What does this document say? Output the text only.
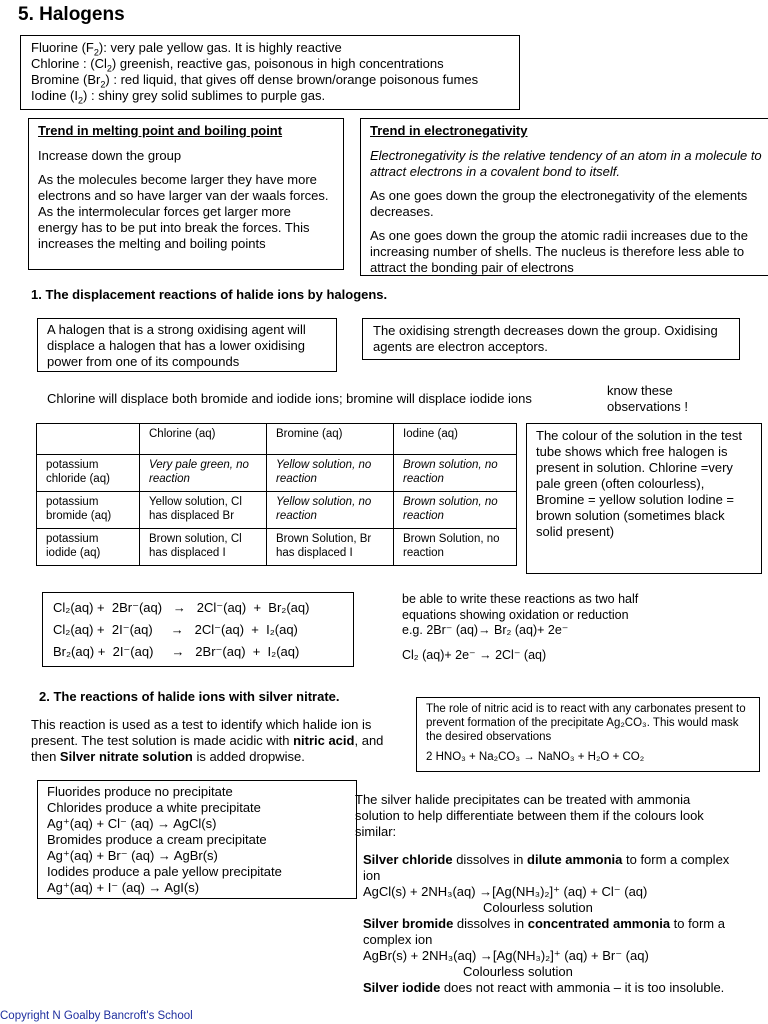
5. Halogens
Fluorine $(F_2)$: very pale yellow gas. It is highly reactive
Chlorine : $(Cl_2)$ greenish, reactive gas, poisonous in high concentrations
Bromine $(Br_2)$ : red liquid, that gives off dense brown/orange poisonous fumes
Iodine $(I_2)$ : shiny grey solid sublimes to purple gas.

Trend in melting point and boiling point

Increase down the group

As the molecules become larger they have more electrons and so have larger van der waals forces. As the intermolecular forces get larger more energy has to be put into break the forces. This increases the melting and boiling points

Trend in electronegativity

Electronegativity is the relative tendency of an atom in a molecule to attract electrons in a covalent bond to itself.

As one goes down the group the electronegativity of the elements decreases.

As one goes down the group the atomic radii increases due to the increasing number of shells. The nucleus is therefore less able to attract the bonding pair of electrons

1. The displacement reactions of halide ions by halogens.

A halogen that is a strong oxidising agent will displace a halogen that has a lower oxidising power from one of its compounds

The oxidising strength decreases down the group. Oxidising agents are electron acceptors.

Chlorine will displace both bromide and iodide ions; bromine will displace iodide ions
know these observations !
	Chlorine (aq)	Bromine (aq)	Iodine (aq)
potassium chloride (aq)	Very pale green, no reaction	Yellow solution, no reaction	Brown solution, no reaction
potassium bromide (aq)	Yellow solution, Cl has displaced Br	Yellow solution, no reaction	Brown solution, no reaction
potassium iodide (aq)	Brown solution, Cl has displaced I	Brown Solution, Br has displaced I	Brown Solution, no reaction

The colour of the solution in the test tube shows which free halogen is present in solution. Chlorine =very pale green (often colourless), Bromine = yellow solution Iodine = brown solution (sometimes black solid present)

Cl₂(aq) +  2Br⁻(aq)   →   2Cl⁻(aq)  +  Br₂(aq)
Cl₂(aq) +  2I⁻(aq)     →   2Cl⁻(aq)  +  I₂(aq)
Br₂(aq) +  2I⁻(aq)     →   2Br⁻(aq)  +  I₂(aq)

be able to write these reactions as two half equations showing oxidation or reduction

e.g. 2Br⁻ (aq)→ Br₂ (aq)+ 2e⁻

Cl₂ (aq)+ 2e⁻ → 2Cl⁻ (aq)

2. The reactions of halide ions with silver nitrate.
This reaction is used as a test to identify which halide ion is present. The test solution is made acidic with nitric acid, and then Silver nitrate solution is added dropwise.

The role of nitric acid is to react with any carbonates present to prevent formation of the precipitate Ag₂CO₃. This would mask the desired observations

2 HNO₃ + Na₂CO₃ → NaNO₃ + H₂O + CO₂

Fluorides produce no precipitate
Chlorides produce a white precipitate
Ag⁺(aq) + Cl⁻ (aq) → AgCl(s)
Bromides produce a cream precipitate
Ag⁺(aq) + Br⁻ (aq) → AgBr(s)
Iodides produce a pale yellow precipitate
Ag⁺(aq) + I⁻ (aq) → AgI(s)
The silver halide precipitates can be treated with ammonia solution to help differentiate between them if the colours look similar:

Silver chloride dissolves in dilute ammonia to form a complex ion

AgCl(s) + 2NH₃(aq) →[Ag(NH₃)₂]⁺ (aq) + Cl⁻ (aq)

Colourless solution

Silver bromide dissolves in concentrated ammonia to form a complex ion

AgBr(s) + 2NH₃(aq) →[Ag(NH₃)₂]⁺ (aq) + Br⁻ (aq)

Colourless solution

Silver iodide does not react with ammonia – it is too insoluble.

Copyright N Goalby Bancroft's School
